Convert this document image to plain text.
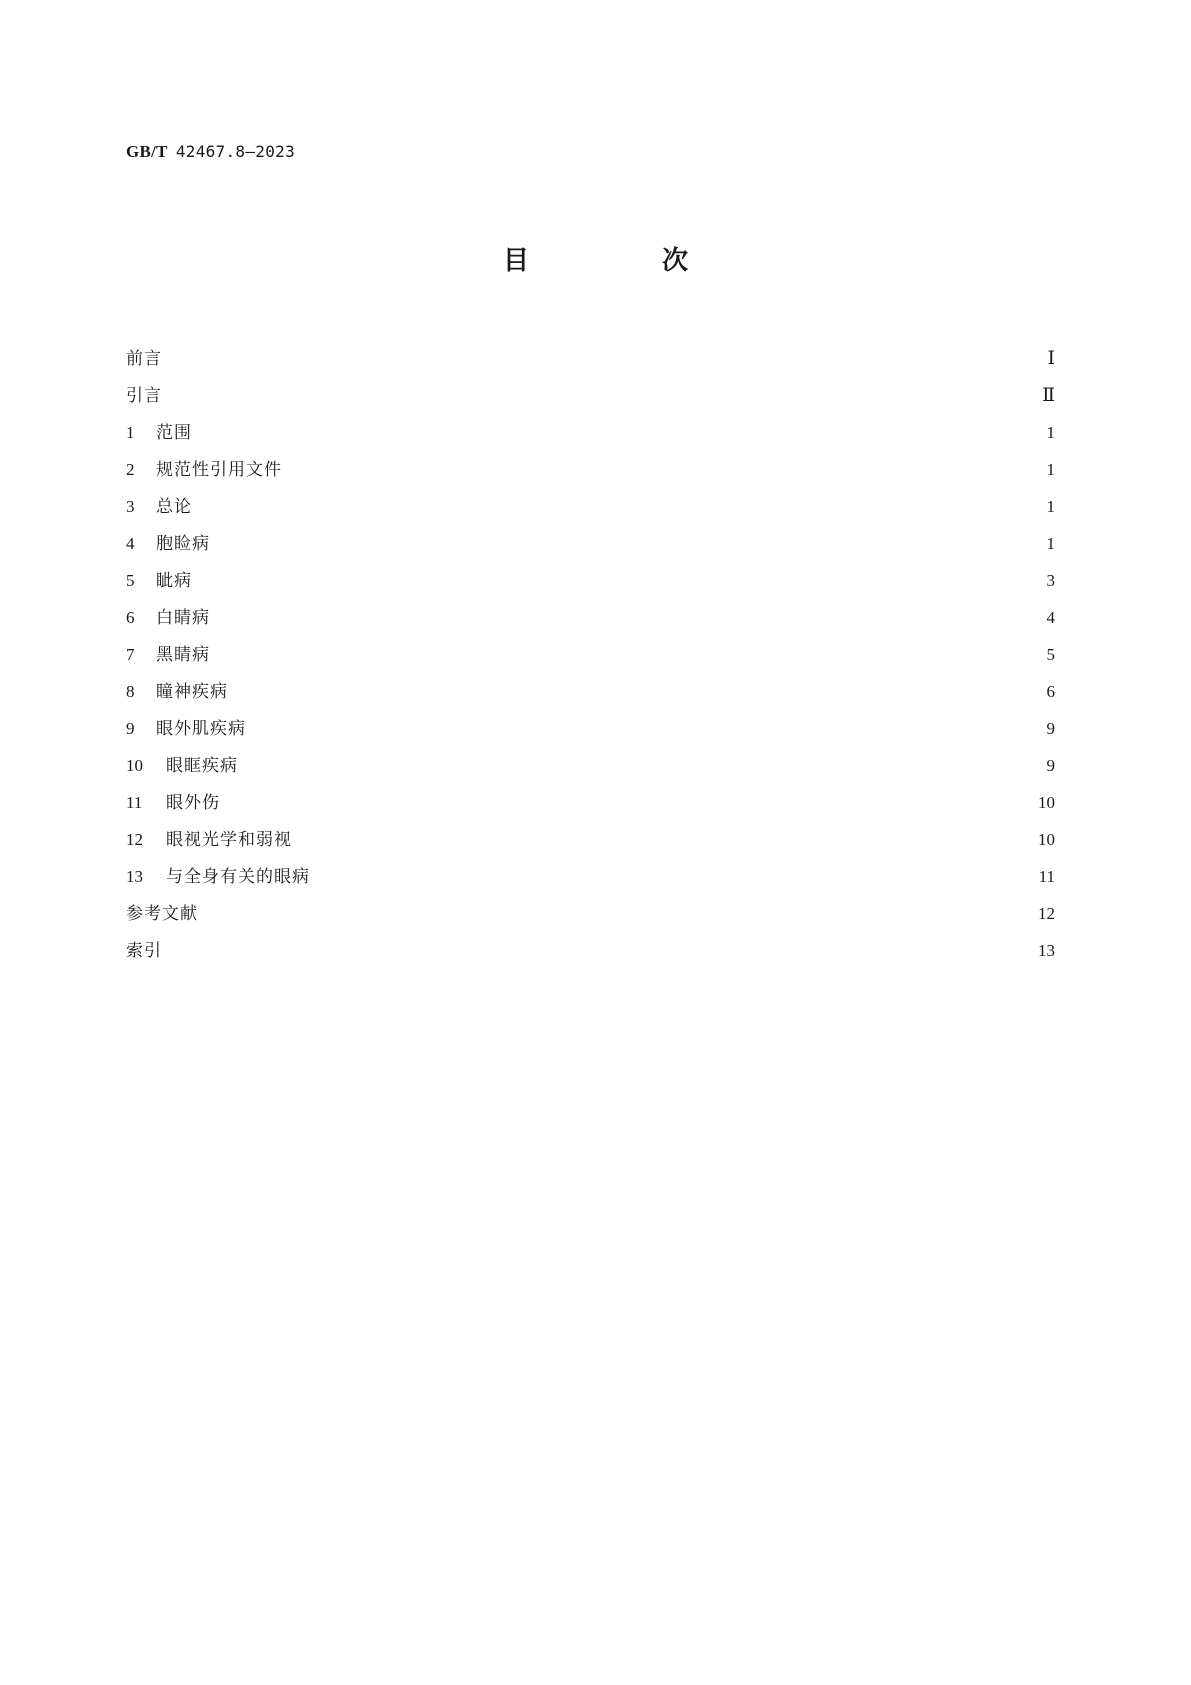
GB/T 42467.8—2023
目 次
前言	Ⅰ
引言	Ⅱ
1	范围	1
2	规范性引用文件	1
3	总论	1
4	胞睑病	1
5	眦病	3
6	白睛病	4
7	黑睛病	5
8	瞳神疾病	6
9	眼外肌疾病	9
10	眼眶疾病	9
11	眼外伤	10
12	眼视光学和弱视	10
13	与全身有关的眼病	11
参考文献	12
索引	13
